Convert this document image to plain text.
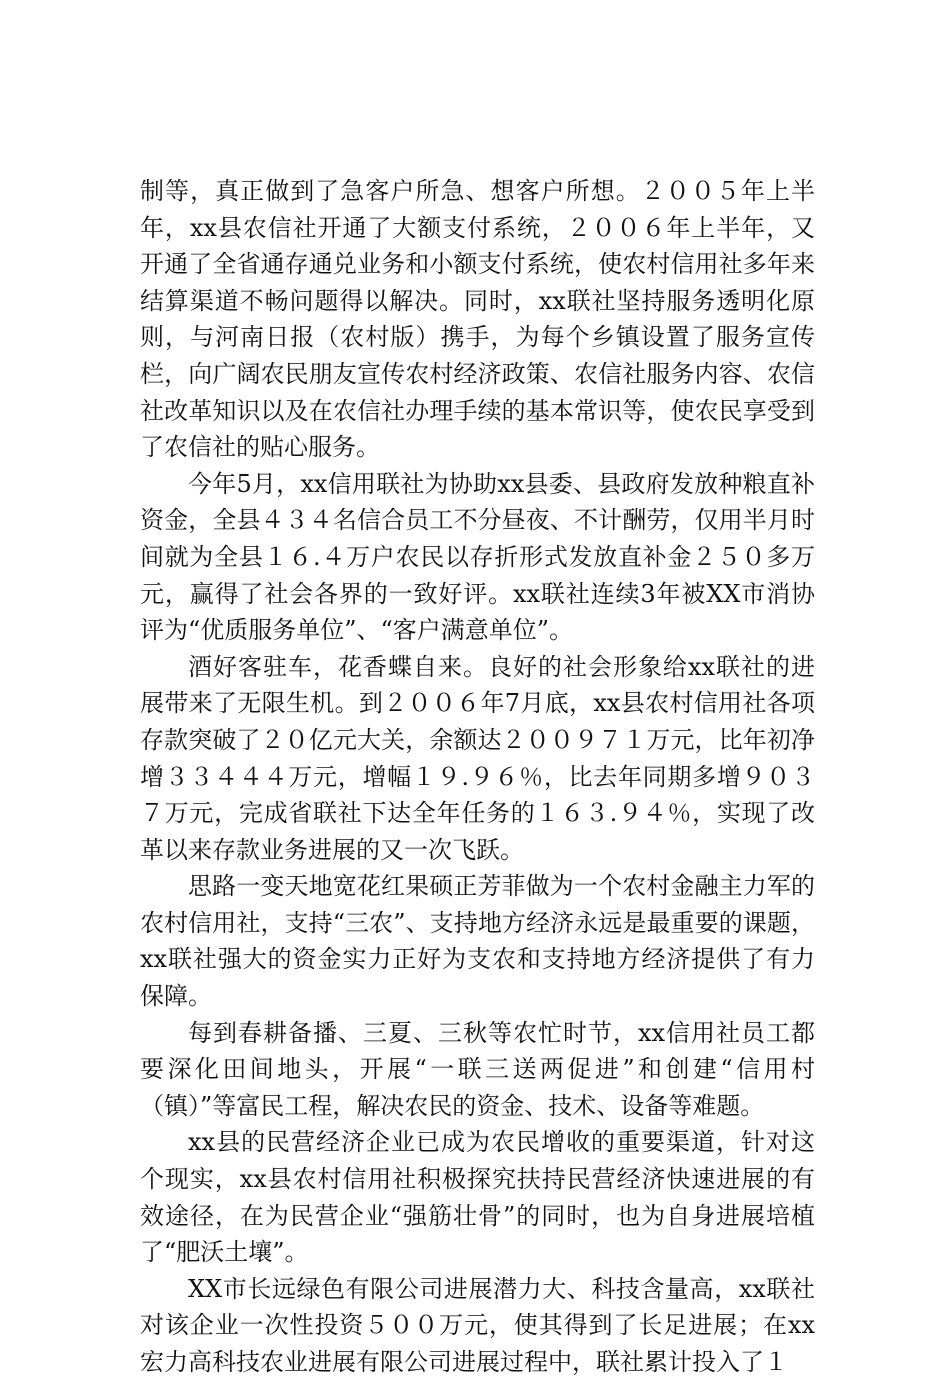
制等，真正做到了急客户所急、想客户所想。２００５年上半年，xx县农信社开通了大额支付系统，２００６年上半年，又开通了全省通存通兑业务和小额支付系统，使农村信用社多年来结算渠道不畅问题得以解决。同时，xx联社坚持服务透明化原则，与河南日报（农村版）携手，为每个乡镇设置了服务宣传栏，向广阔农民朋友宣传农村经济政策、农信社服务内容、农信社改革知识以及在农信社办理手续的基本常识等，使农民享受到了农信社的贴心服务。

今年5月，xx信用联社为协助xx县委、县政府发放种粮直补资金，全县４３４名信合员工不分昼夜、不计酬劳，仅用半月时间就为全县１６.４万户农民以存折形式发放直补金２５０多万元，赢得了社会各界的一致好评。xx联社连续3年被XX市消协评为“优质服务单位”、“客户满意单位”。

酒好客驻车，花香蝶自来。良好的社会形象给xx联社的进展带来了无限生机。到２００６年7月底，xx县农村信用社各项存款突破了２０亿元大关，余额达２００９７１万元，比年初净增３３４４４万元，增幅１９.９６％，比去年同期多增９０３７万元，完成省联社下达全年任务的１６３.９４％，实现了改革以来存款业务进展的又一次飞跃。

思路一变天地宽花红果硕正芳菲做为一个农村金融主力军的农村信用社，支持“三农”、支持地方经济永远是最重要的课题，xx联社强大的资金实力正好为支农和支持地方经济提供了有力保障。

每到春耕备播、三夏、三秋等农忙时节，xx信用社员工都要深化田间地头，开展“一联三送两促进”和创建“信用村（镇）”等富民工程，解决农民的资金、技术、设备等难题。

xx县的民营经济企业已成为农民增收的重要渠道，针对这个现实，xx县农村信用社积极探究扶持民营经济快速进展的有效途径，在为民营企业“强筋壮骨”的同时，也为自身进展培植了“肥沃土壤”。

XX市长远绿色有限公司进展潜力大、科技含量高，xx联社对该企业一次性投资５００万元，使其得到了长足进展；在xx宏力高科技农业进展有限公司进展过程中，联社累计投入了１
